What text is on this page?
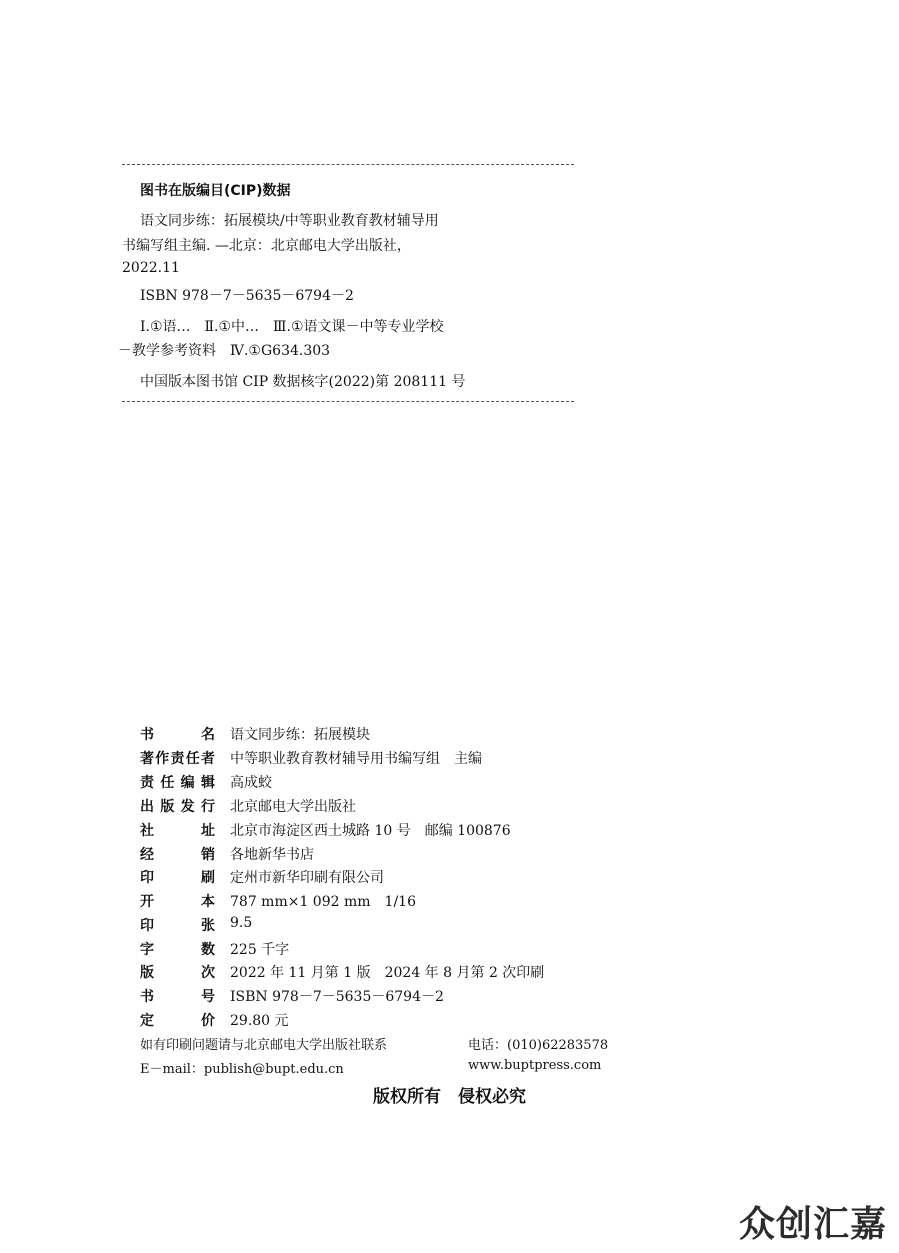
图书在版编目(CIP)数据
语文同步练：拓展模块/中等职业教育教材辅导用
书编写组主编. —北京：北京邮电大学出版社，
2022.11
ISBN 978－7－5635－6794－2
Ⅰ.①语…　Ⅱ.①中…　Ⅲ.①语文课－中等专业学校
－教学参考资料　Ⅳ.①G634.303
中国版本图书馆 CIP 数据核字(2022)第 208111 号
书名 语文同步练：拓展模块
著作责任者 中等职业教育教材辅导用书编写组　主编
责任编辑 高成蛟
出版发行 北京邮电大学出版社
社址 北京市海淀区西土城路 10 号　邮编 100876
经销 各地新华书店
印刷 定州市新华印刷有限公司
开本 787 mm×1 092 mm　1/16
印张 9.5
字数 225 千字
版次 2022 年 11 月第 1 版　2024 年 8 月第 2 次印刷
书号 ISBN 978－7－5635－6794－2
定价 29.80 元
如有印刷问题请与北京邮电大学出版社联系	电话：(010)62283578
E－mail：publish@bupt.edu.cn	www.buptpress.com
版权所有　侵权必究
众创汇嘉
